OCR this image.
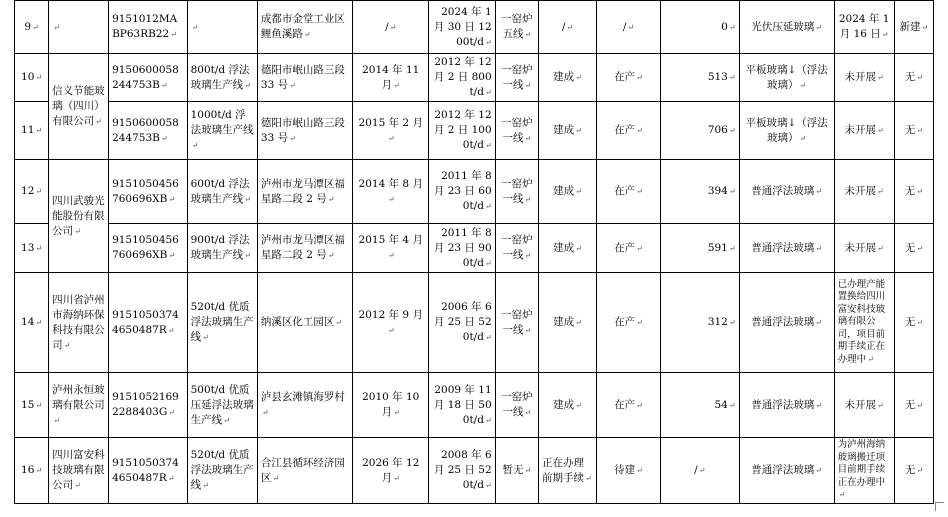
9↵	↵	9151012MABP63RB22↵	↵	成都市金堂工业区鲤鱼溪路↵	/↵	2024 年 1 月 30 日 1200t/d↵	一窑炉五线↵	/↵	/↵	0↵	光伏压延玻璃↵	2024 年 1 月 16 日↵	新建↵
10↵	信义节能玻璃（四川）有限公司↵	9150600058244753B↵	800t/d 浮法玻璃生产线↵	德阳市岷山路三段 33 号↵	2014 年 11 月↵	2012 年 12 月 2 日 800t/d↵	一窑炉一线↵	建成↵	在产↵	513↵	平板玻璃↓（浮法玻璃）↵	未开展↵	无↵
11↵		9150600058244753B↵	1000t/d 浮法玻璃生产线↵	德阳市岷山路三段 33 号↵	2015 年 2 月↵	2012 年 12 月 2 日 1000t/d↵	一窑炉一线↵	建成↵	在产↵	706↵	平板玻璃↓（浮法玻璃）↵	未开展↵	无↵
12↵	四川武骏光能股份有限公司↵	9151050456760696XB↵	600t/d 浮法玻璃生产线↵	泸州市龙马潭区福星路二段 2 号↵	2014 年 8 月↵	2011 年 8 月 23 日 600t/d↵	一窑炉一线↵	建成↵	在产↵	394↵	普通浮法玻璃↵	未开展↵	无↵
13↵		9151050456760696XB↵	900t/d 浮法玻璃生产线↵	泸州市龙马潭区福星路二段 2 号↵	2015 年 4 月↵	2011 年 8 月 23 日 900t/d↵	一窑炉一线↵	建成↵	在产↵	591↵	普通浮法玻璃↵	未开展↵	无↵
14↵	四川省泸州市海纳环保科技有限公司↵	91510503744650487R↵	520t/d 优质浮法玻璃生产线↵	纳溪区化工园区↵	2012 年 9 月↵	2006 年 6 月 25 日 520t/d↵	一窑炉一线↵	建成↵	在产↵	312↵	普通浮法玻璃↵	已办理产能置换给四川富安科技玻璃有限公司，项目前期手续正在办理中↵	无↵
15↵	泸州永恒玻璃有限公司↵	91510521692288403G↵	500t/d 优质压延浮法玻璃生产线↵	泸县玄滩镇海罗村↵	2010 年 10 月↵	2009 年 11 月 18 日 500t/d↵	一窑炉一线↵	建成↵	在产↵	54↵	普通浮法玻璃↵	未开展↵	无↵
16↵	四川富安科技玻璃有限公司↵	91510503744650487R↵	520t/d 优质浮法玻璃生产线↵	合江县循环经济园区↵	2026 年 12 月↵	2008 年 6 月 25 日 520t/d↵	暂无↵	正在办理前期手续↵	待建↵	/↵	普通浮法玻璃↵	为泸州海纳玻璃搬迁项目前期手续正在办理中↵	无↵
